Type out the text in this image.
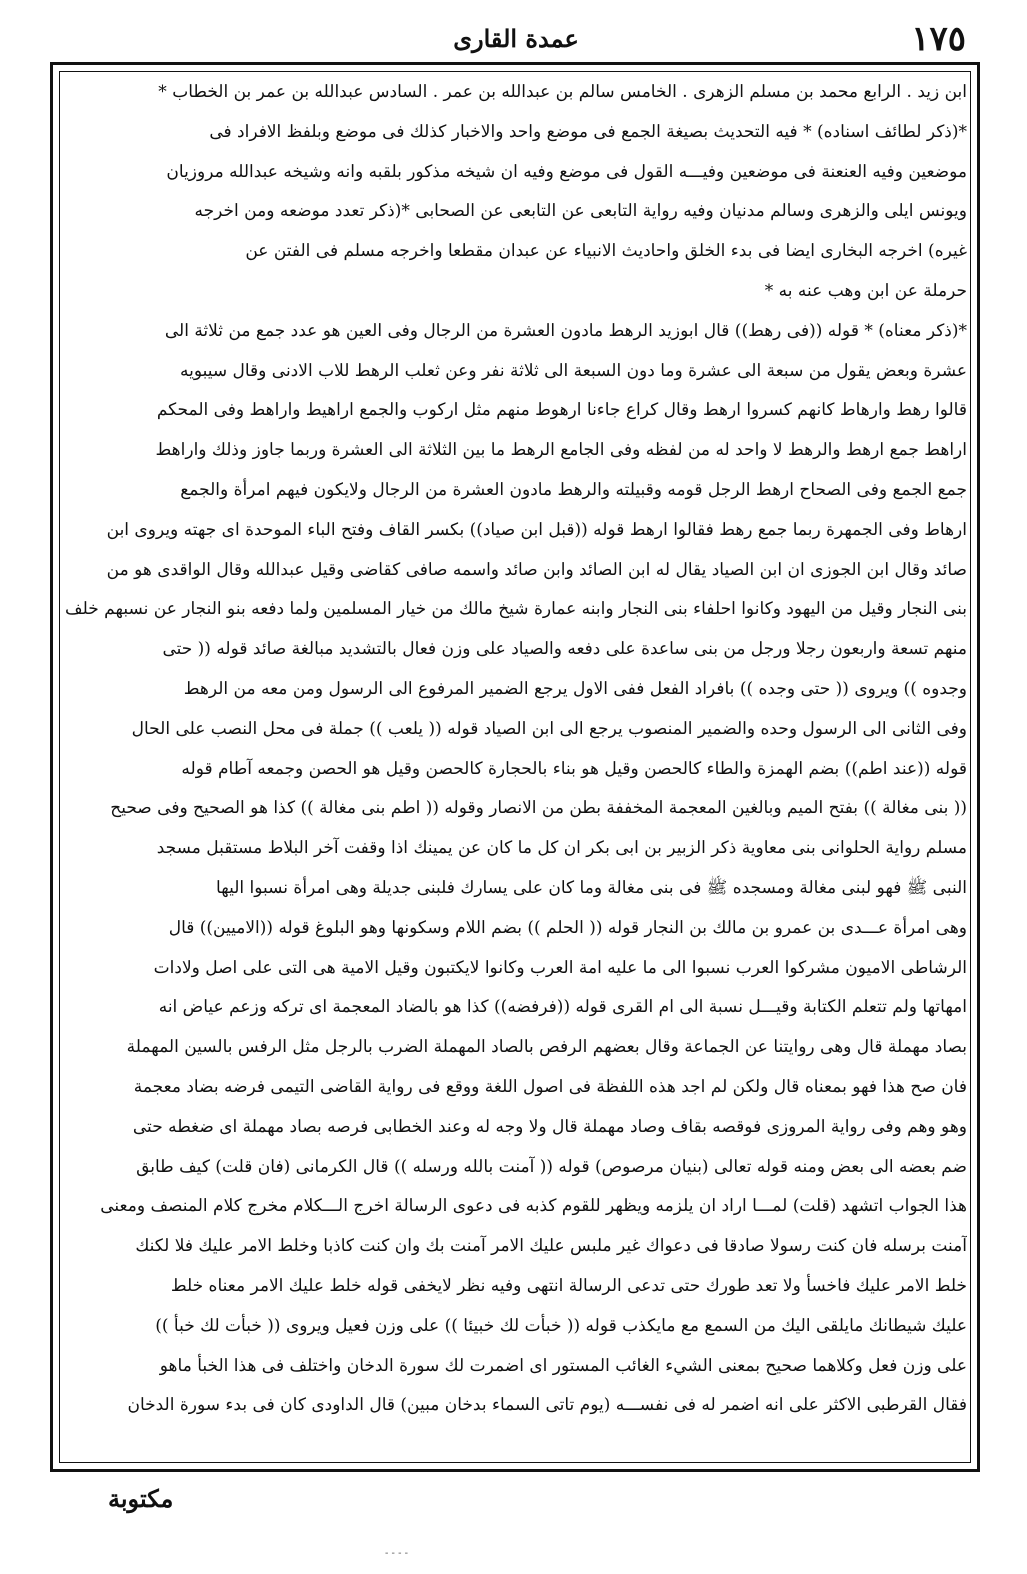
١٧٥
عمدة القارى
ابن زيد . الرابع محمد بن مسلم الزهرى . الخامس سالم بن عبدالله بن عمر . السادس عبدالله بن عمر بن الخطاب *
*(ذكر لطائف اسناده) * فيه التحديث بصيغة الجمع فى موضع واحد والاخبار كذلك فى موضع وبلفظ الافراد فى
موضعين وفيه العنعنة فى موضعين وفيـــه القول فى موضع وفيه ان شيخه مذكور بلقبه وانه وشيخه عبدالله مروزيان
ويونس ايلى والزهرى وسالم مدنيان وفيه رواية التابعى عن التابعى عن الصحابى *(ذكر تعدد موضعه ومن اخرجه
غيره) اخرجه البخارى ايضا فى بدء الخلق واحاديث الانبياء عن عبدان مقطعا واخرجه مسلم فى الفتن عن
حرملة عن ابن وهب عنه به *
*(ذكر معناه) * قوله ((فى رهط)) قال ابوزيد الرهط مادون العشرة من الرجال وفى العين هو عدد جمع من ثلاثة الى
عشرة وبعض يقول من سبعة الى عشرة وما دون السبعة الى ثلاثة نفر وعن ثعلب الرهط للاب الادنى وقال سيبويه
قالوا رهط وارهاط كانهم كسروا ارهط وقال كراع جاءنا ارهوط منهم مثل اركوب والجمع اراهيط واراهط وفى المحكم
اراهط جمع ارهط والرهط لا واحد له من لفظه وفى الجامع الرهط ما بين الثلاثة الى العشرة وربما جاوز وذلك واراهط
جمع الجمع وفى الصحاح ارهط الرجل قومه وقبيلته والرهط مادون العشرة من الرجال ولايكون فيهم امرأة والجمع
ارهاط وفى الجمهرة ربما جمع رهط فقالوا ارهط قوله ((قبل ابن صياد)) بكسر القاف وفتح الباء الموحدة اى جهته ويروى ابن
صائد وقال ابن الجوزى ان ابن الصياد يقال له ابن الصائد وابن صائد واسمه صافى كقاضى وقيل عبدالله وقال الواقدى هو من
بنى النجار وقيل من اليهود وكانوا احلفاء بنى النجار وابنه عمارة شيخ مالك من خيار المسلمين ولما دفعه بنو النجار عن نسبهم خلف
منهم تسعة واربعون رجلا ورجل من بنى ساعدة على دفعه والصياد على وزن فعال بالتشديد مبالغة صائد قوله (( حتى
وجدوه )) ويروى (( حتى وجده )) بافراد الفعل ففى الاول يرجع الضمير المرفوع الى الرسول ومن معه من الرهط
وفى الثانى الى الرسول وحده والضمير المنصوب يرجع الى ابن الصياد قوله (( يلعب )) جملة فى محل النصب على الحال
قوله ((عند اطم)) بضم الهمزة والطاء كالحصن وقيل هو بناء بالحجارة كالحصن وقيل هو الحصن وجمعه آطام قوله
(( بنى مغالة )) بفتح الميم وبالغين المعجمة المخففة بطن من الانصار وقوله (( اطم بنى مغالة )) كذا هو الصحيح وفى صحيح
مسلم رواية الحلوانى بنى معاوية ذكر الزبير بن ابى بكر ان كل ما كان عن يمينك اذا وقفت آخر البلاط مستقبل مسجد
النبى ﷺ فهو لبنى مغالة ومسجده ﷺ فى بنى مغالة وما كان على يسارك فلبنى جديلة وهى امرأة نسبوا اليها
وهى امرأة عـــدى بن عمرو بن مالك بن النجار قوله (( الحلم )) بضم اللام وسكونها وهو البلوغ قوله ((الاميين)) قال
الرشاطى الاميون مشركوا العرب نسبوا الى ما عليه امة العرب وكانوا لايكتبون وقيل الامية هى التى على اصل ولادات
امهاتها ولم تتعلم الكتابة وقيـــل نسبة الى ام القرى قوله ((فرفضه)) كذا هو بالضاد المعجمة اى تركه وزعم عياض انه
بصاد مهملة قال وهى روايتنا عن الجماعة وقال بعضهم الرفص بالصاد المهملة الضرب بالرجل مثل الرفس بالسين المهملة
فان صح هذا فهو بمعناه قال ولكن لم اجد هذه اللفظة فى اصول اللغة ووقع فى رواية القاضى التيمى فرضه بضاد معجمة
وهو وهم وفى رواية المروزى فوقصه بقاف وصاد مهملة قال ولا وجه له وعند الخطابى فرصه بصاد مهملة اى ضغطه حتى
ضم بعضه الى بعض ومنه قوله تعالى (بنيان مرصوص) قوله (( آمنت بالله ورسله )) قال الكرمانى (فان قلت) كيف طابق
هذا الجواب اتشهد (قلت) لمـــا اراد ان يلزمه ويظهر للقوم كذبه فى دعوى الرسالة اخرج الـــكلام مخرج كلام المنصف ومعنى
آمنت برسله فان كنت رسولا صادقا فى دعواك غير ملبس عليك الامر آمنت بك وان كنت كاذبا وخلط الامر عليك فلا لكنك
خلط الامر عليك فاخسأ ولا تعد طورك حتى تدعى الرسالة انتهى وفيه نظر لايخفى قوله خلط عليك الامر معناه خلط
عليك شيطانك مايلقى اليك من السمع مع مايكذب قوله (( خبأت لك خبيئا )) على وزن فعيل ويروى (( خبأت لك خبأ ))
على وزن فعل وكلاهما صحيح بمعنى الشيء الغائب المستور اى اضمرت لك سورة الدخان واختلف فى هذا الخبأ ماهو
فقال القرطبى الاكثر على انه اضمر له فى نفســـه (يوم تاتى السماء بدخان مبين) قال الداودى كان فى بدء سورة الدخان
مكتوبة
- - - -
